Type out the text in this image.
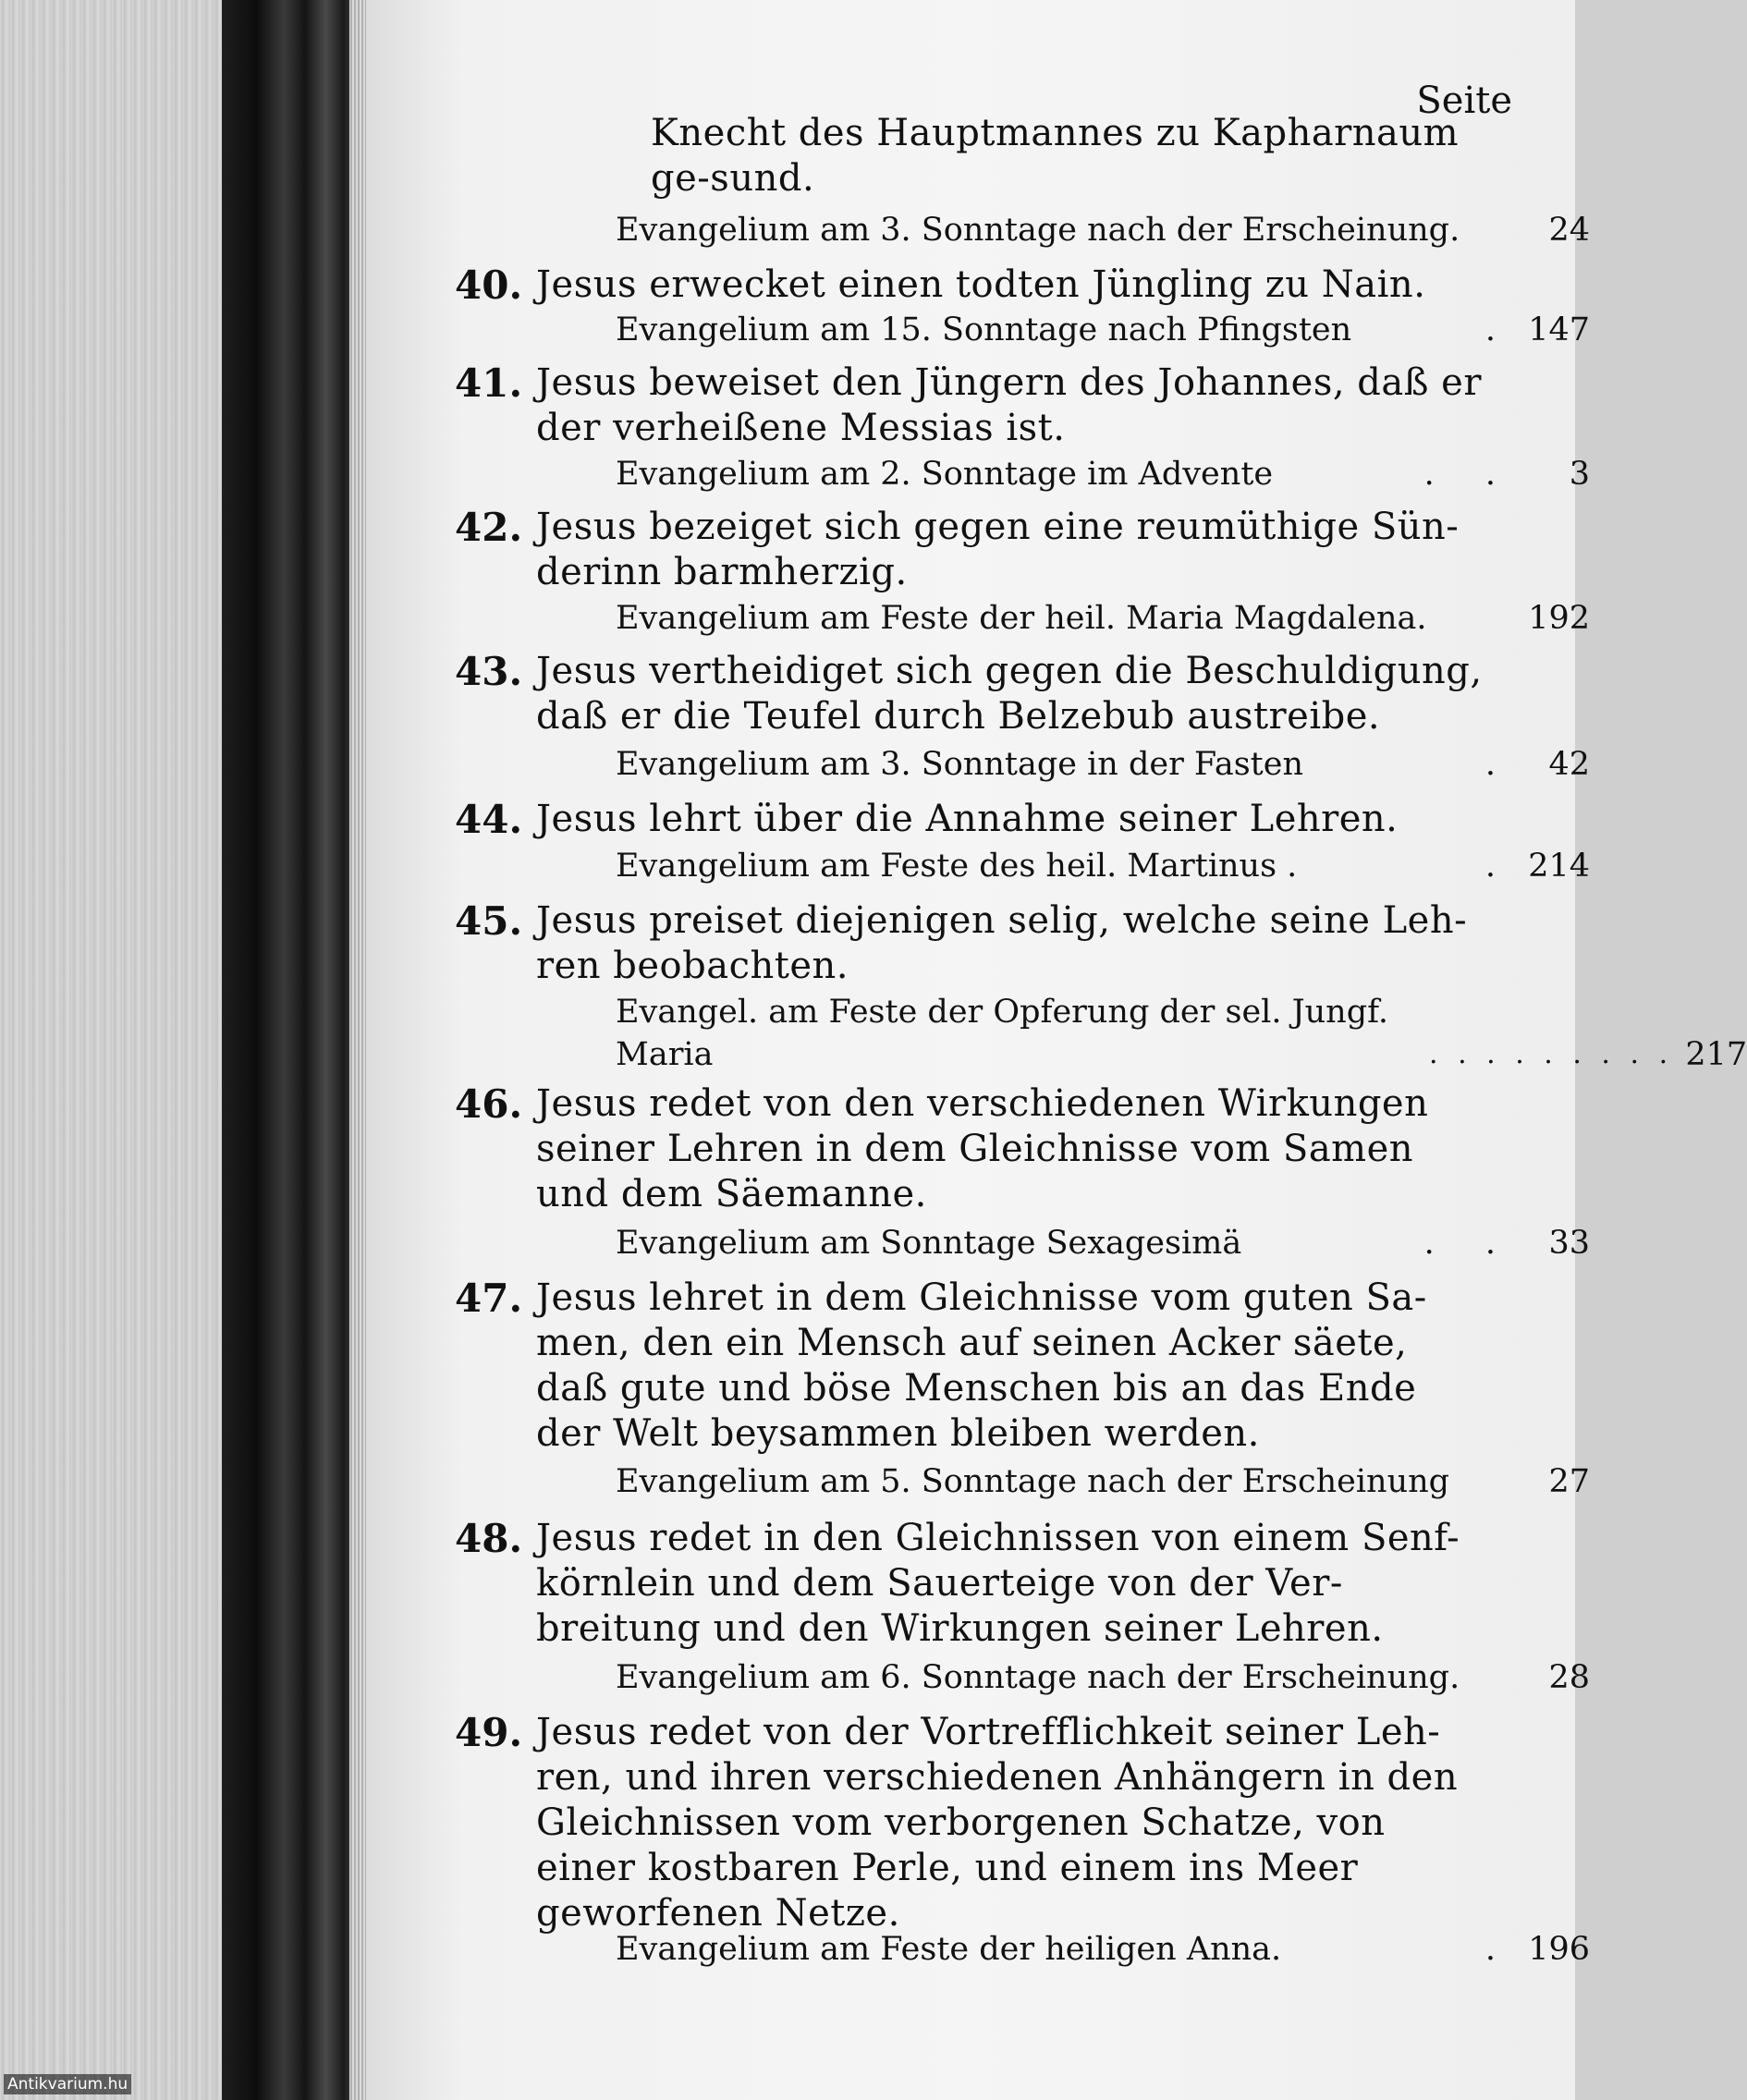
Seite
Knecht des Hauptmannes zu Kapharnaum ge-sund.
Evangelium am 3. Sonntage nach der Erscheinung.	24
40. Jesus erwecket einen todten Jüngling zu Nain.
Evangelium am 15. Sonntage nach Pfingsten	. 147
41. Jesus beweiset den Jüngern des Johannes, daß er der verheißene Messias ist.
Evangelium am 2. Sonntage im Advente	. .	3
42. Jesus bezeiget sich gegen eine reumüthige Sün-derinn barmherzig.
Evangelium am Feste der heil. Maria Magdalena.	192
43. Jesus vertheidiget sich gegen die Beschuldigung, daß er die Teufel durch Belzebub austreibe.
Evangelium am 3. Sonntage in der Fasten	.	42
44. Jesus lehrt über die Annahme seiner Lehren.
Evangelium am Feste des heil. Martinus .	. 214
45. Jesus preiset diejenigen selig, welche seine Leh-ren beobachten.
Evangel. am Feste der Opferung der sel. Jungf. Maria	. . . . . . . . . 217
46. Jesus redet von den verschiedenen Wirkungen seiner Lehren in dem Gleichnisse vom Samen und dem Säemanne.
Evangelium am Sonntage Sexagesimä	. .	33
47. Jesus lehret in dem Gleichnisse vom guten Sa-men, den ein Mensch auf seinen Acker säete, daß gute und böse Menschen bis an das Ende der Welt beysammen bleiben werden.
Evangelium am 5. Sonntage nach der Erscheinung	27
48. Jesus redet in den Gleichnissen von einem Senf-körnlein und dem Sauerteige von der Ver-breitung und den Wirkungen seiner Lehren.
Evangelium am 6. Sonntage nach der Erscheinung.	28
49. Jesus redet von der Vortrefflichkeit seiner Leh-ren, und ihren verschiedenen Anhängern in den Gleichnissen vom verborgenen Schatze, von einer kostbaren Perle, und einem ins Meer geworfenen Netze.
Evangelium am Feste der heiligen Anna.	. 196
Antikvarium.hu
